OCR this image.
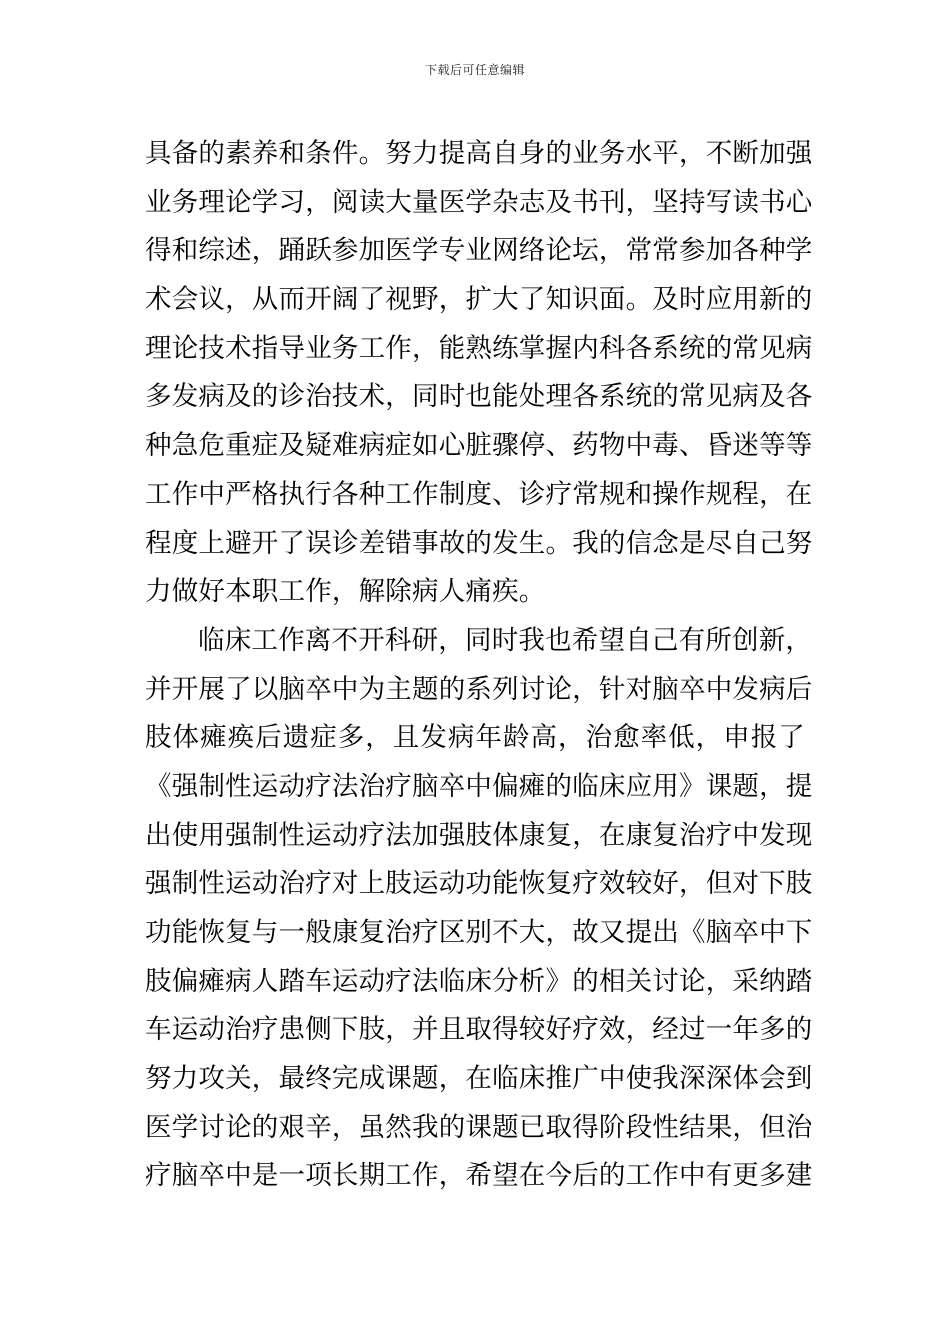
下载后可任意编辑
具备的素养和条件。努力提高自身的业务水平，不断加强
业务理论学习，阅读大量医学杂志及书刊，坚持写读书心
得和综述，踊跃参加医学专业网络论坛，常常参加各种学
术会议，从而开阔了视野，扩大了知识面。及时应用新的
理论技术指导业务工作，能熟练掌握内科各系统的常见病
多发病及的诊治技术，同时也能处理各系统的常见病及各
种急危重症及疑难病症如心脏骤停、药物中毒、昏迷等等
工作中严格执行各种工作制度、诊疗常规和操作规程，在
程度上避开了误诊差错事故的发生。我的信念是尽自己努
力做好本职工作，解除病人痛疾。
临床工作离不开科研，同时我也希望自己有所创新，
并开展了以脑卒中为主题的系列讨论，针对脑卒中发病后
肢体瘫痪后遗症多，且发病年龄高，治愈率低，申报了
《强制性运动疗法治疗脑卒中偏瘫的临床应用》课题，提
出使用强制性运动疗法加强肢体康复，在康复治疗中发现
强制性运动治疗对上肢运动功能恢复疗效较好，但对下肢
功能恢复与一般康复治疗区别不大，故又提出《脑卒中下
肢偏瘫病人踏车运动疗法临床分析》的相关讨论，采纳踏
车运动治疗患侧下肢，并且取得较好疗效，经过一年多的
努力攻关，最终完成课题，在临床推广中使我深深体会到
医学讨论的艰辛，虽然我的课题已取得阶段性结果，但治
疗脑卒中是一项长期工作，希望在今后的工作中有更多建
